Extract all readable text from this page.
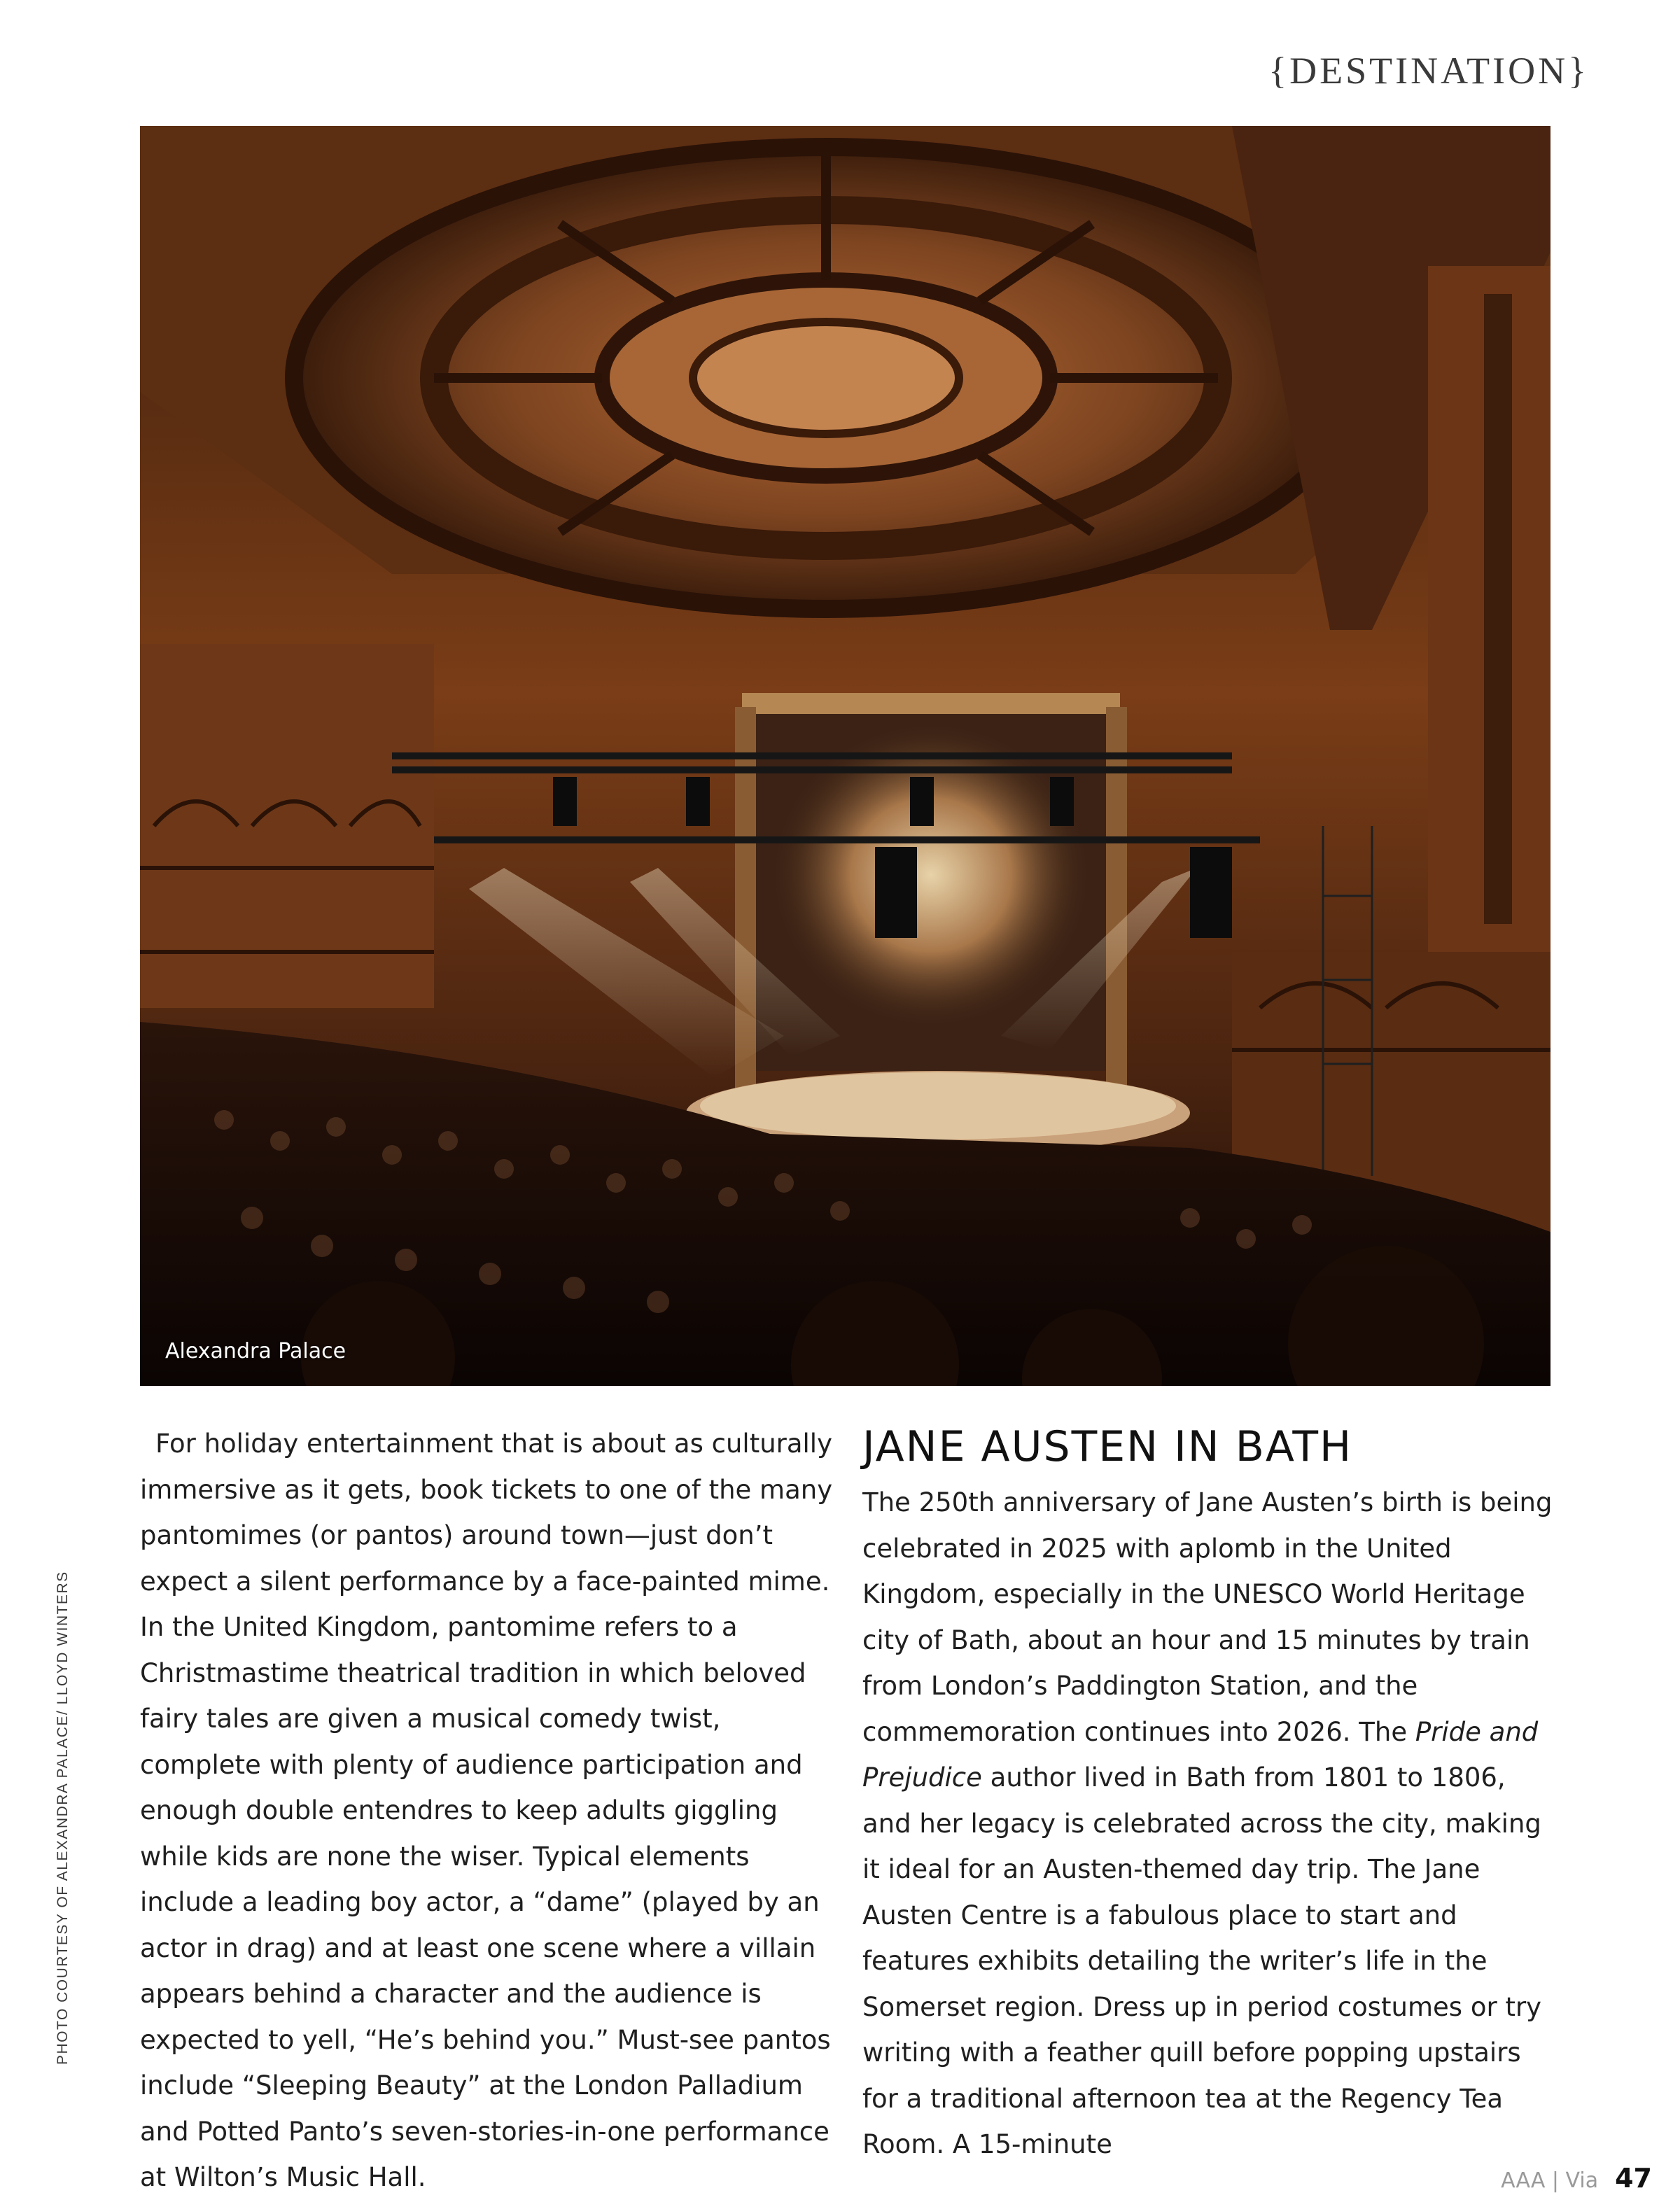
{DESTINATION}
Alexandra Palace
PHOTO COURTESY OF ALEXANDRA PALACE/ LLOYD WINTERS

For holiday entertainment that is about as culturally immersive as it gets, book tickets to one of the many pantomimes (or pantos) around town—just don’t expect a silent performance by a face-painted mime. In the United Kingdom, pantomime refers to a Christmastime theatrical tradition in which beloved fairy tales are given a musical comedy twist, complete with plenty of audience participation and enough double entendres to keep adults giggling while kids are none the wiser. Typical elements include a leading boy actor, a “dame” (played by an actor in drag) and at least one scene where a villain appears behind a character and the audience is expected to yell, “He’s behind you.” Must-see pantos include “Sleeping Beauty” at the London Palladium and Potted Panto’s seven-stories-in-one performance at Wilton’s Music Hall.

JANE AUSTEN IN BATH

The 250th anniversary of Jane Austen’s birth is being celebrated in 2025 with aplomb in the United Kingdom, especially in the UNESCO World Heritage city of Bath, about an hour and 15 minutes by train from London’s Paddington Station, and the commemoration continues into 2026. The Pride and Prejudice author lived in Bath from 1801 to 1806, and her legacy is celebrated across the city, making it ideal for an Austen-themed day trip. The Jane Austen Centre is a fabulous place to start and features exhibits detailing the writer’s life in the Somerset region. Dress up in period costumes or try writing with a feather quill before popping upstairs for a traditional afternoon tea at the Regency Tea Room. A 15-minute

AAA | Via 47
